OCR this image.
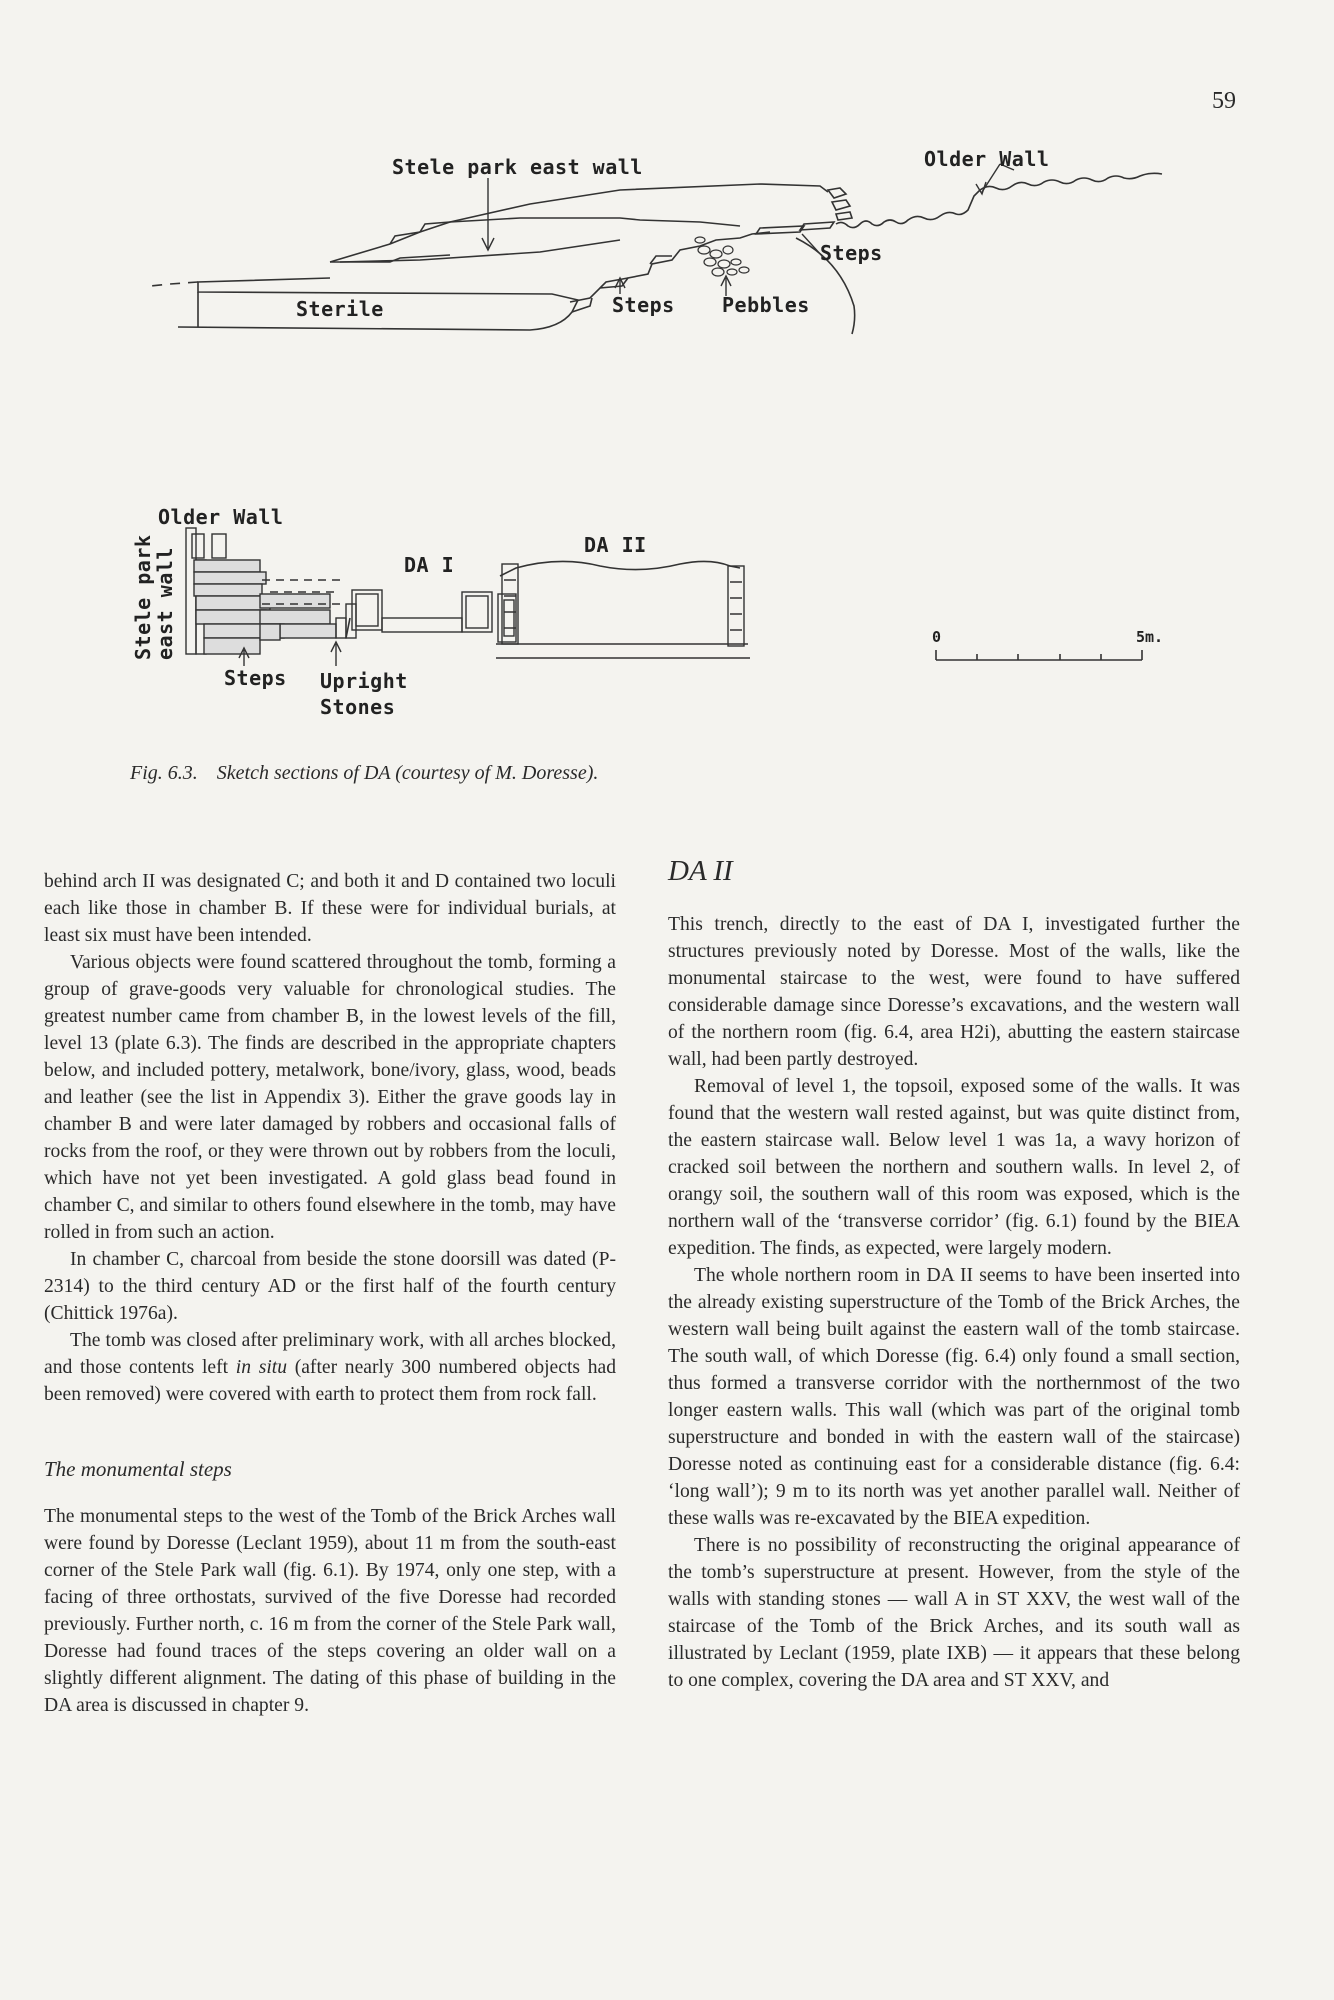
59
Stele park east wall	Older Wall
Steps
Sterile	Steps Pebbles
Older Wall
Stele park
east wall	DA I
DA II
Steps Upright
Stones
0	5m.
Fig. 6.3. Sketch sections of DA (courtesy of M. Doresse).

behind arch II was designated C; and both it and D contained two loculi each like those in chamber B. If these were for individual burials, at least six must have been intended.

Various objects were found scattered throughout the tomb, forming a group of grave-goods very valuable for chronological studies. The greatest number came from chamber B, in the lowest levels of the fill, level 13 (plate 6.3). The finds are described in the appropriate chapters below, and included pottery, metalwork, bone/ivory, glass, wood, beads and leather (see the list in Appendix 3). Either the grave goods lay in chamber B and were later damaged by robbers and occasional falls of rocks from the roof, or they were thrown out by robbers from the loculi, which have not yet been investigated. A gold glass bead found in chamber C, and similar to others found elsewhere in the tomb, may have rolled in from such an action.

In chamber C, charcoal from beside the stone doorsill was dated (P-2314) to the third century AD or the first half of the fourth century (Chittick 1976a).

The tomb was closed after preliminary work, with all arches blocked, and those contents left in situ (after nearly 300 numbered objects had been removed) were covered with earth to protect them from rock fall.

The monumental steps

The monumental steps to the west of the Tomb of the Brick Arches wall were found by Doresse (Leclant 1959), about 11 m from the south-east corner of the Stele Park wall (fig. 6.1). By 1974, only one step, with a facing of three orthostats, survived of the five Doresse had recorded previously. Further north, c. 16 m from the corner of the Stele Park wall, Doresse had found traces of the steps covering an older wall on a slightly different alignment. The dating of this phase of building in the DA area is discussed in chapter 9.

DA II

This trench, directly to the east of DA I, investigated further the structures previously noted by Doresse. Most of the walls, like the monumental staircase to the west, were found to have suffered considerable damage since Doresse’s excavations, and the western wall of the northern room (fig. 6.4, area H2i), abutting the eastern staircase wall, had been partly destroyed.

Removal of level 1, the topsoil, exposed some of the walls. It was found that the western wall rested against, but was quite distinct from, the eastern staircase wall. Below level 1 was 1a, a wavy horizon of cracked soil between the northern and southern walls. In level 2, of orangy soil, the southern wall of this room was exposed, which is the northern wall of the ‘transverse corridor’ (fig. 6.1) found by the BIEA expedition. The finds, as expected, were largely modern.

The whole northern room in DA II seems to have been inserted into the already existing superstructure of the Tomb of the Brick Arches, the western wall being built against the eastern wall of the tomb staircase. The south wall, of which Doresse (fig. 6.4) only found a small section, thus formed a transverse corridor with the northernmost of the two longer eastern walls. This wall (which was part of the original tomb superstructure and bonded in with the eastern wall of the staircase) Doresse noted as continuing east for a considerable distance (fig. 6.4: ‘long wall’); 9 m to its north was yet another parallel wall. Neither of these walls was re-excavated by the BIEA expedition.

There is no possibility of reconstructing the original appearance of the tomb’s superstructure at present. However, from the style of the walls with standing stones — wall A in ST XXV, the west wall of the staircase of the Tomb of the Brick Arches, and its south wall as illustrated by Leclant (1959, plate IXB) — it appears that these belong to one complex, covering the DA area and ST XXV, and
